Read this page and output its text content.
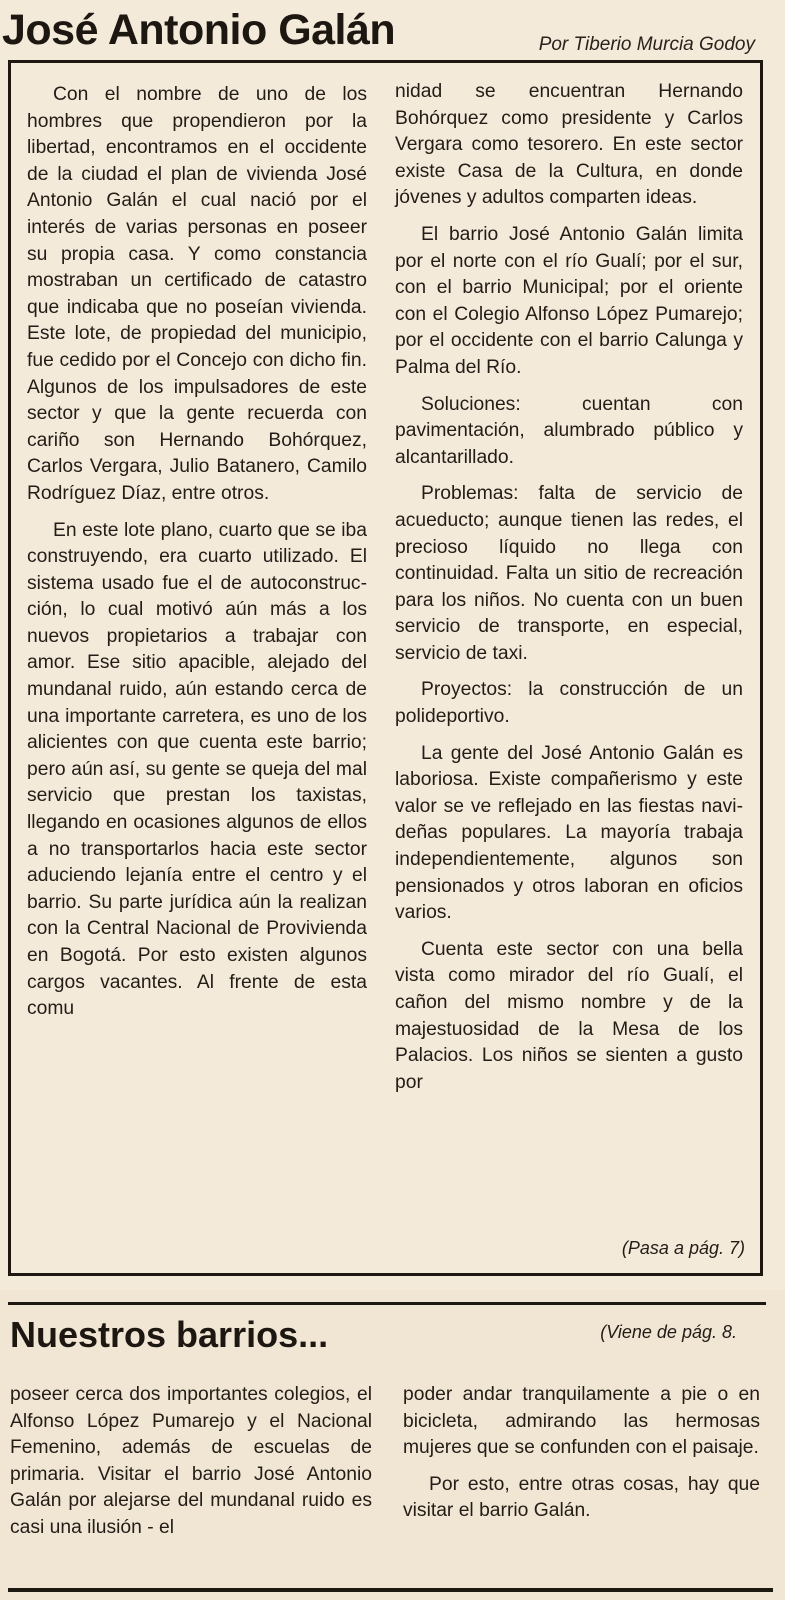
José Antonio Galán	Por Tiberio Murcia Godoy

Con el nombre de uno de los hombres que propendieron por la libertad, encontramos en el occidente de la ciudad el plan de vivienda José Antonio Galán el cual nació por el interés de varias personas en poseer su propia casa. Y como constancia mostraban un certificado de catastro que indicaba que no poseían vivienda. Este lote, de propiedad del municipio, fue cedido por el Concejo con dicho fin. Algunos de los impulsadores de este sector y que la gente recuerda con cariño son Hernando Bohórquez, Carlos Vergara, Julio Batanero, Camilo Rodríguez Díaz, entre otros.

En este lote plano, cuarto que se iba construyendo, era cuarto utilizado. El sistema usado fue el de autoconstrucción, lo cual motivó aún más a los nuevos propietarios a trabajar con amor. Ese sitio apacible, alejado del mundanal ruido, aún estando cerca de una importante carretera, es uno de los alicientes con que cuenta este barrio; pero aún así, su gente se queja del mal servicio que prestan los taxistas, llegando en ocasiones algunos de ellos a no transportarlos hacia este sector aduciendo lejanía entre el centro y el barrio. Su parte jurídica aún la realizan con la Central Nacional de Provivienda en Bogotá. Por esto existen algunos cargos vacantes. Al frente de esta comu

nidad se encuentran Hernando Bohórquez como presidente y Carlos Vergara como tesorero. En este sector existe Casa de la Cultura, en donde jóvenes y adultos comparten ideas.

El barrio José Antonio Galán limita por el norte con el río Gualí; por el sur, con el barrio Municipal; por el oriente con el Colegio Alfonso López Pumarejo; por el occidente con el barrio Calunga y Palma del Río.

Soluciones: cuentan con pavimentación, alumbrado público y alcantarillado.

Problemas: falta de servicio de acueducto; aunque tienen las redes, el precioso líquido no llega con continuidad. Falta un sitio de recreación para los niños. No cuenta con un buen servicio de transporte, en especial, servicio de taxi.

Proyectos: la construcción de un polideportivo.

La gente del José Antonio Galán es laboriosa. Existe compañerismo y este valor se ve reflejado en las fiestas navideñas populares. La mayoría trabaja independientemente, algunos son pensionados y otros laboran en oficios varios.

Cuenta este sector con una bella vista como mirador del río Gualí, el cañon del mismo nombre y de la majestuosidad de la Mesa de los Palacios. Los niños se sienten a gusto por

(Pasa a pág. 7)
Nuestros barrios...	(Viene de pág. 8.

poseer cerca dos importantes colegios, el Alfonso López Pumarejo y el Nacional Femenino, además de escuelas de primaria. Visitar el barrio José Antonio Galán por alejarse del mundanal ruido es casi una ilusión - el

poder andar tranquilamente a pie o en bicicleta, admirando las hermosas mujeres que se confunden con el paisaje.

Por esto, entre otras cosas, hay que visitar el barrio Galán.
